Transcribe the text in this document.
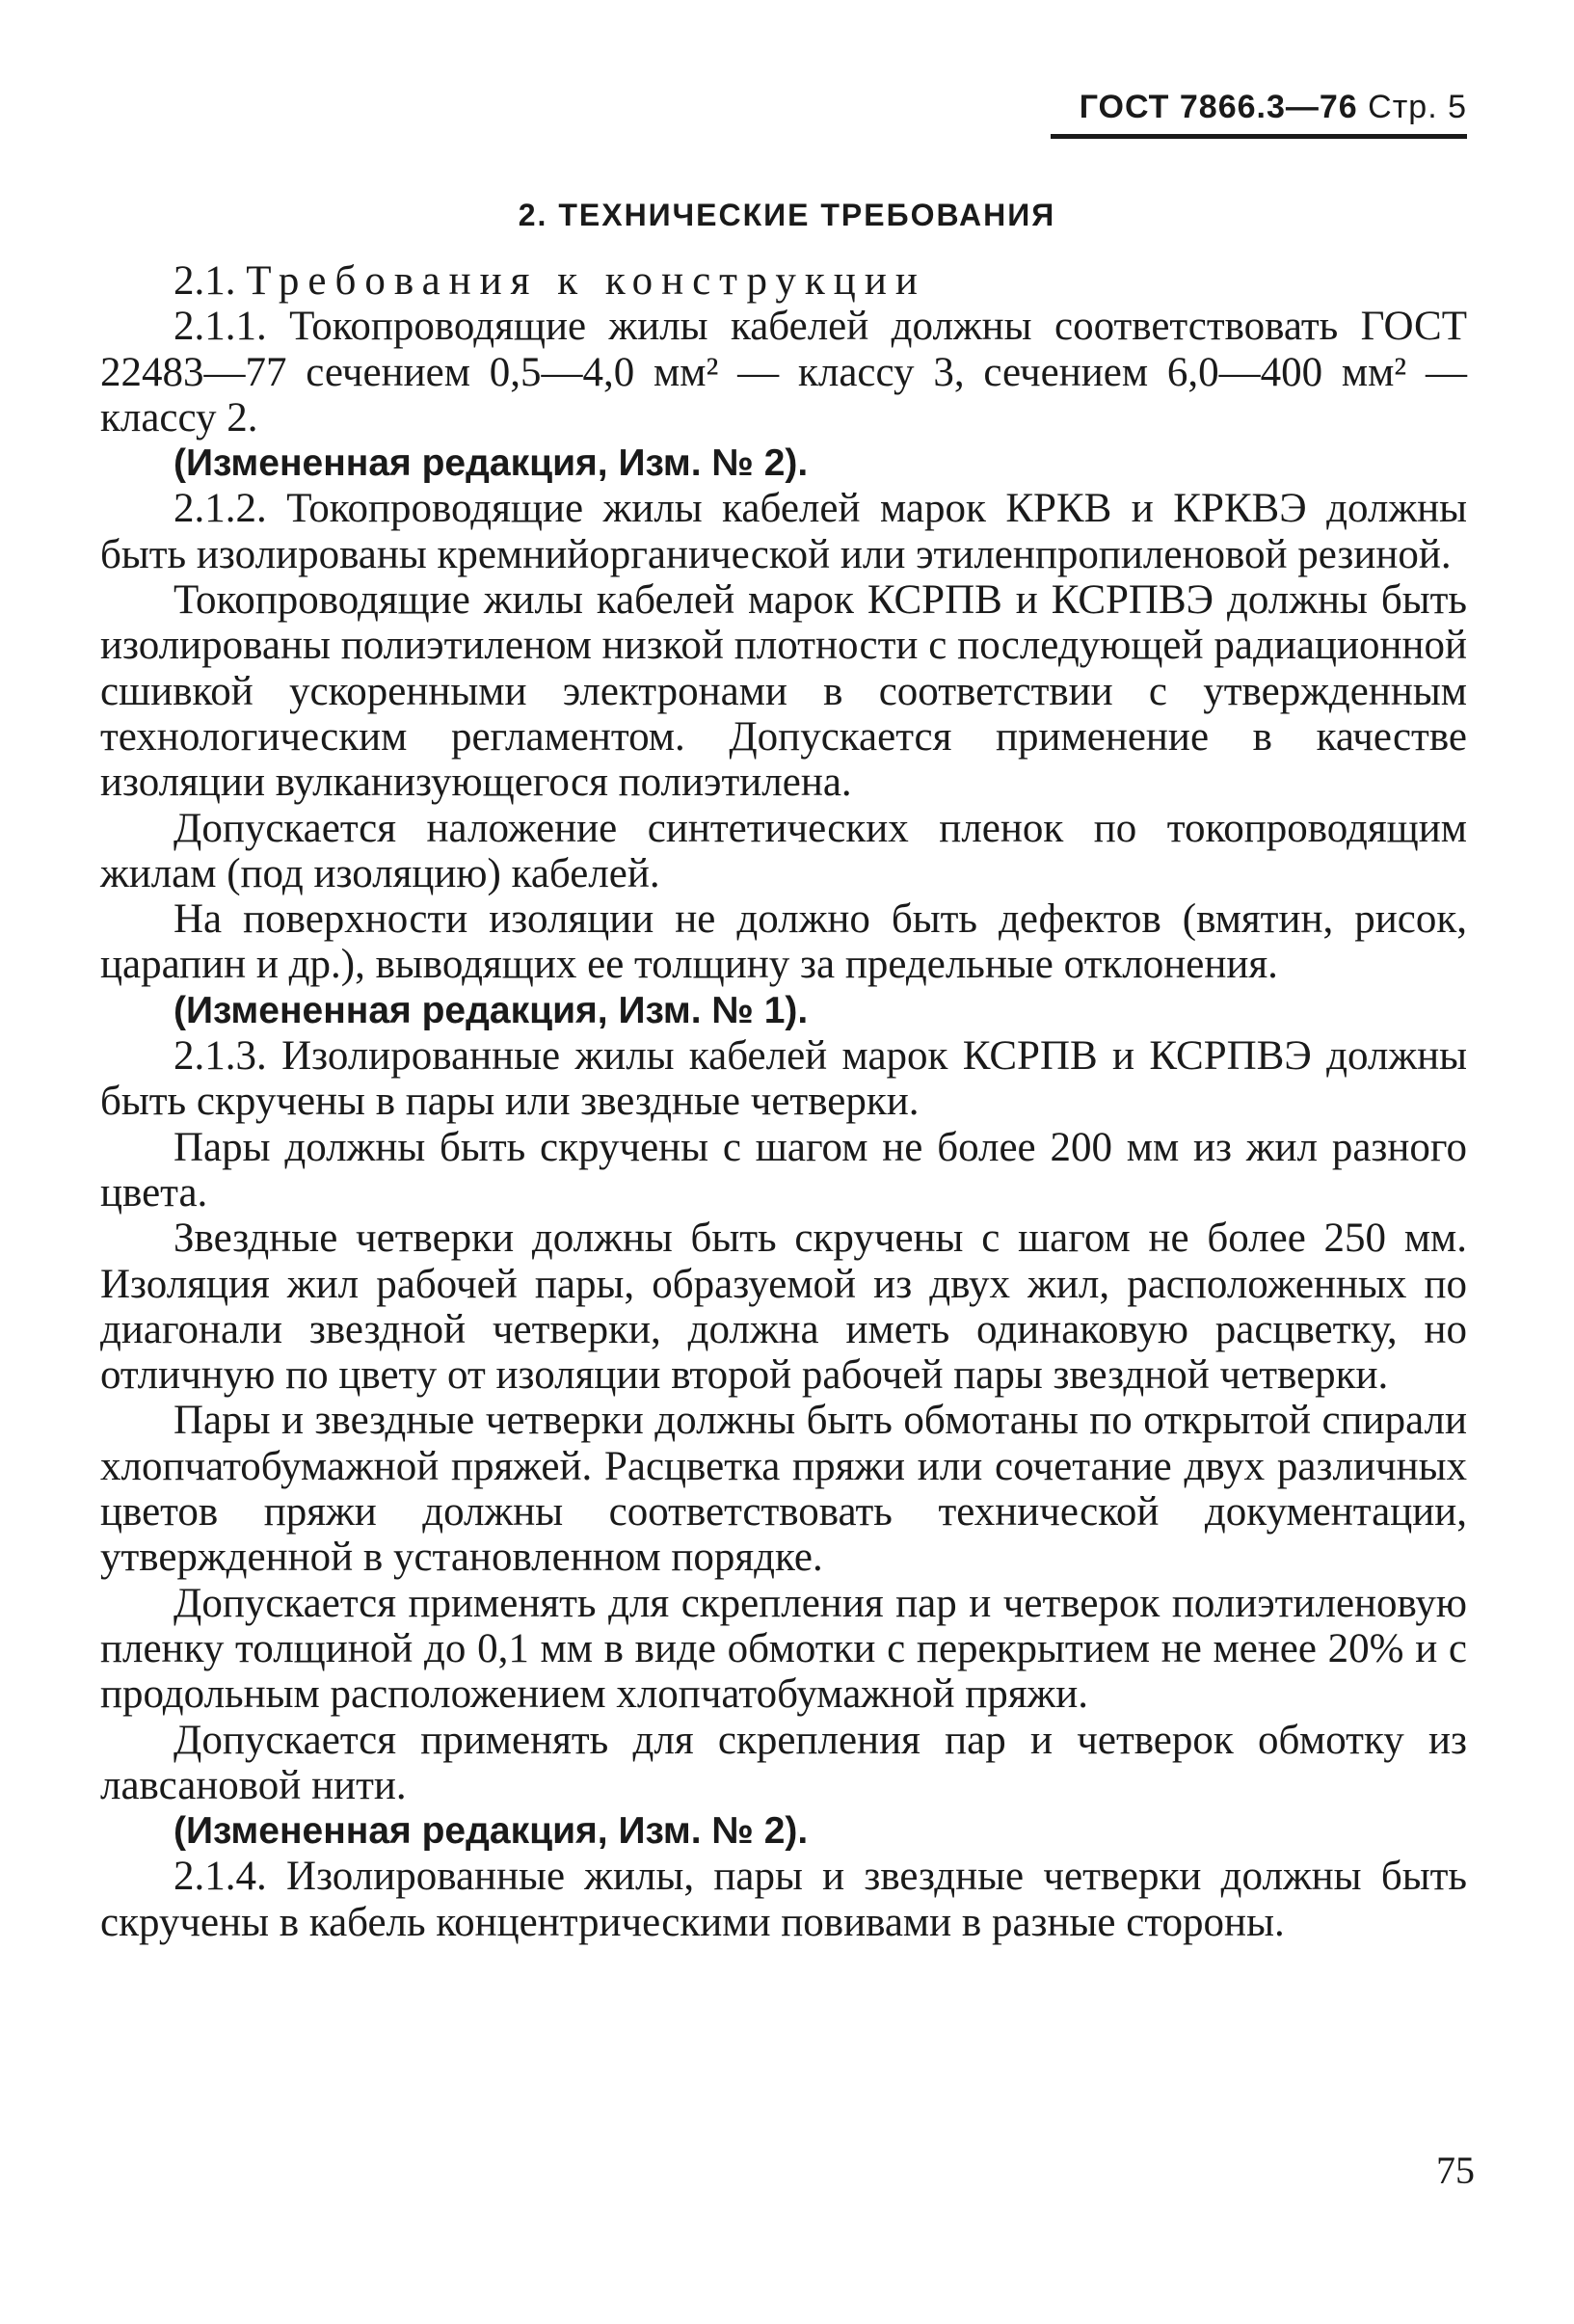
ГОСТ 7866.3—76 Стр. 5
2. ТЕХНИЧЕСКИЕ ТРЕБОВАНИЯ

2.1. Требования к конструкции

2.1.1. Токопроводящие жилы кабелей должны соответствовать ГОСТ 22483—77 сечением 0,5—4,0 мм² — классу 3, сечением 6,0—400 мм² — классу 2.

(Измененная редакция, Изм. № 2).

2.1.2. Токопроводящие жилы кабелей марок КРКВ и КРКВЭ должны быть изолированы кремнийорганической или этиленпропиленовой резиной.

Токопроводящие жилы кабелей марок КСРПВ и КСРПВЭ должны быть изолированы полиэтиленом низкой плотности с последующей радиационной сшивкой ускоренными электронами в соответствии с утвержденным технологическим регламентом. Допускается применение в качестве изоляции вулканизующегося полиэтилена.

Допускается наложение синтетических пленок по токопроводящим жилам (под изоляцию) кабелей.

На поверхности изоляции не должно быть дефектов (вмятин, рисок, царапин и др.), выводящих ее толщину за предельные отклонения.

(Измененная редакция, Изм. № 1).

2.1.3. Изолированные жилы кабелей марок КСРПВ и КСРПВЭ должны быть скручены в пары или звездные четверки.

Пары должны быть скручены с шагом не более 200 мм из жил разного цвета.

Звездные четверки должны быть скручены с шагом не более 250 мм. Изоляция жил рабочей пары, образуемой из двух жил, расположенных по диагонали звездной четверки, должна иметь одинаковую расцветку, но отличную по цвету от изоляции второй рабочей пары звездной четверки.

Пары и звездные четверки должны быть обмотаны по открытой спирали хлопчатобумажной пряжей. Расцветка пряжи или сочетание двух различных цветов пряжи должны соответствовать технической документации, утвержденной в установленном порядке.

Допускается применять для скрепления пар и четверок полиэтиленовую пленку толщиной до 0,1 мм в виде обмотки с перекрытием не менее 20% и с продольным расположением хлопчатобумажной пряжи.

Допускается применять для скрепления пар и четверок обмотку из лавсановой нити.

(Измененная редакция, Изм. № 2).

2.1.4. Изолированные жилы, пары и звездные четверки должны быть скручены в кабель концентрическими повивами в разные стороны.

75
